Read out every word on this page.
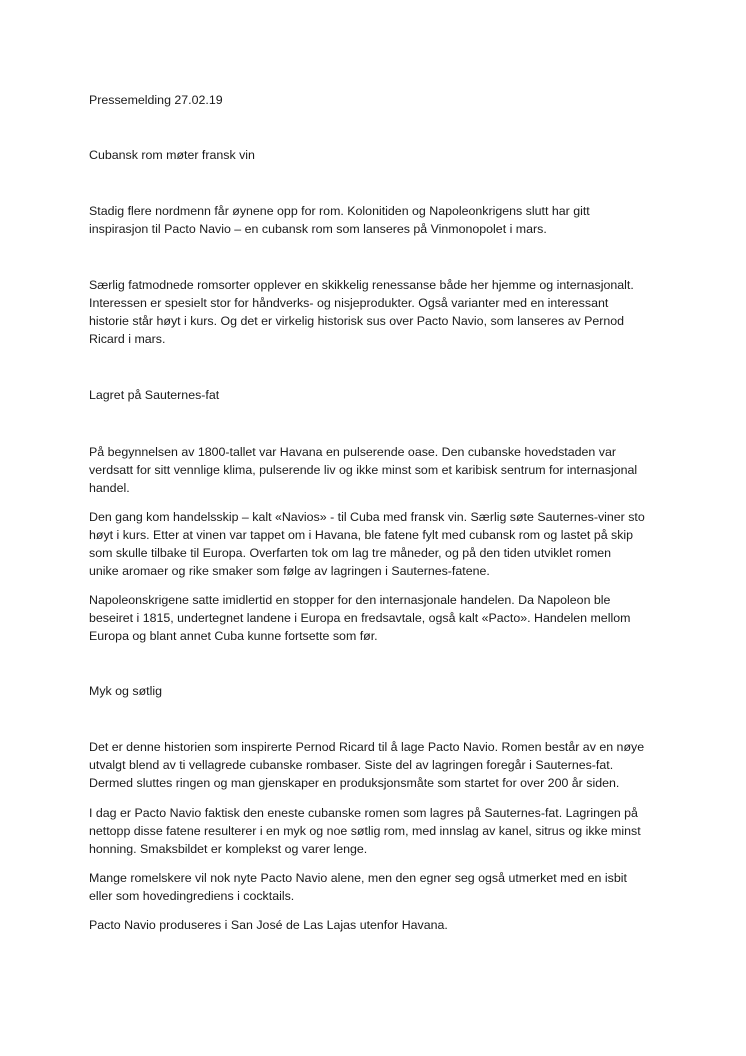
Pressemelding 27.02.19
Cubansk rom møter fransk vin
Stadig flere nordmenn får øynene opp for rom. Kolonitiden og Napoleonkrigens slutt har gitt
inspirasjon til Pacto Navio – en cubansk rom som lanseres på Vinmonopolet i mars.
Særlig fatmodnede romsorter opplever en skikkelig renessanse både her hjemme og internasjonalt.
Interessen er spesielt stor for håndverks- og nisjeprodukter. Også varianter med en interessant
historie står høyt i kurs. Og det er virkelig historisk sus over Pacto Navio, som lanseres av Pernod
Ricard i mars.
Lagret på Sauternes-fat
På begynnelsen av 1800-tallet var Havana en pulserende oase. Den cubanske hovedstaden var
verdsatt for sitt vennlige klima, pulserende liv og ikke minst som et karibisk sentrum for internasjonal
handel.
Den gang kom handelsskip – kalt «Navios» - til Cuba med fransk vin. Særlig søte Sauternes-viner sto
høyt i kurs. Etter at vinen var tappet om i Havana, ble fatene fylt med cubansk rom og lastet på skip
som skulle tilbake til Europa. Overfarten tok om lag tre måneder, og på den tiden utviklet romen
unike aromaer og rike smaker som følge av lagringen i Sauternes-fatene.
Napoleonskrigene satte imidlertid en stopper for den internasjonale handelen. Da Napoleon ble
beseiret i 1815, undertegnet landene i Europa en fredsavtale, også kalt «Pacto». Handelen mellom
Europa og blant annet Cuba kunne fortsette som før.
Myk og søtlig
Det er denne historien som inspirerte Pernod Ricard til å lage Pacto Navio. Romen består av en nøye
utvalgt blend av ti vellagrede cubanske rombaser. Siste del av lagringen foregår i Sauternes-fat.
Dermed sluttes ringen og man gjenskaper en produksjonsmåte som startet for over 200 år siden.
I dag er Pacto Navio faktisk den eneste cubanske romen som lagres på Sauternes-fat. Lagringen på
nettopp disse fatene resulterer i en myk og noe søtlig rom, med innslag av kanel, sitrus og ikke minst
honning. Smaksbildet er komplekst og varer lenge.
Mange romelskere vil nok nyte Pacto Navio alene, men den egner seg også utmerket med en isbit
eller som hovedingrediens i cocktails.
Pacto Navio produseres i San José de Las Lajas utenfor Havana.
